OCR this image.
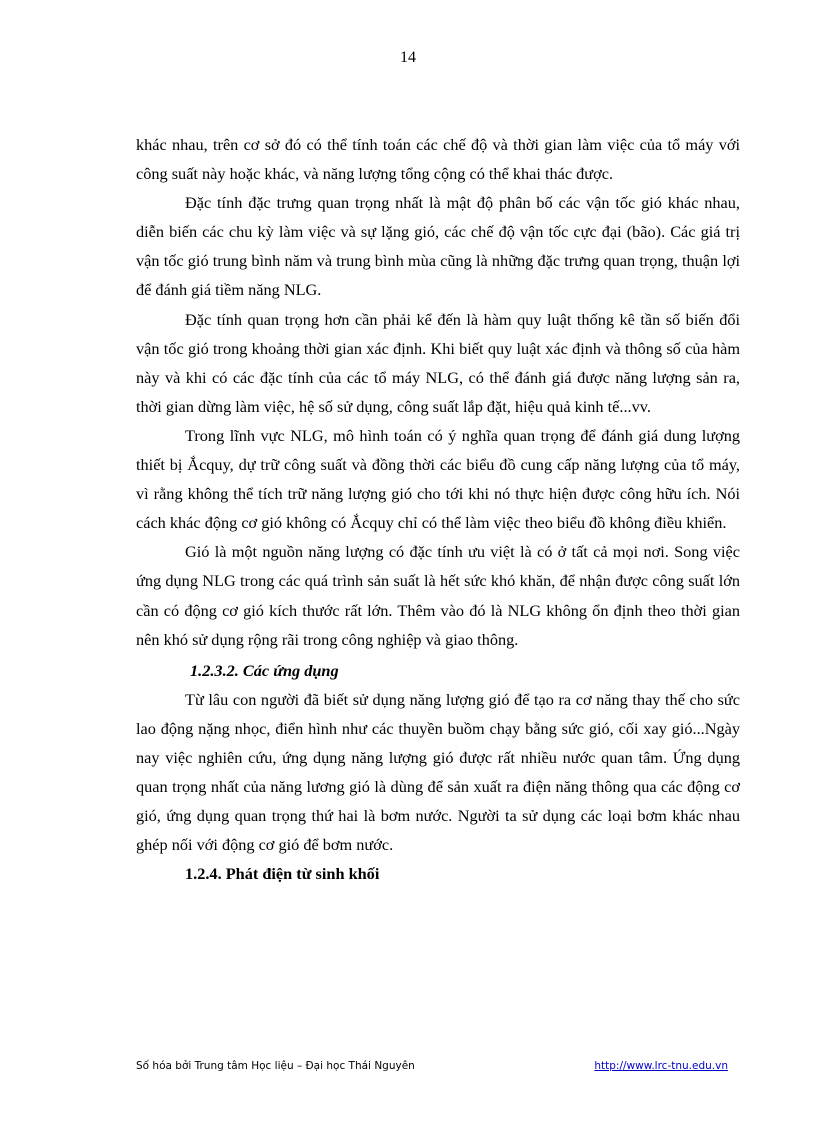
14

khác nhau, trên cơ sở đó có thể tính toán các chế độ và thời gian làm việc của tổ máy với công suất này hoặc khác, và năng lượng tổng cộng có thể khai thác được.

Đặc tính đặc trưng quan trọng nhất là mật độ phân bố các vận tốc gió khác nhau, diễn biến các chu kỳ làm việc và sự lặng gió, các chế độ vận tốc cực đại (bão). Các giá trị vận tốc gió trung bình năm và trung bình mùa cũng là những đặc trưng quan trọng, thuận lợi để đánh giá tiềm năng NLG.

Đặc tính quan trọng hơn cần phải kể đến là hàm quy luật thống kê tần số biến đổi vận tốc gió trong khoảng thời gian xác định. Khi biết quy luật xác định và thông số của hàm này và khi có các đặc tính của các tổ máy NLG, có thể đánh giá được năng lượng sản ra, thời gian dừng làm việc, hệ số sử dụng, công suất lắp đặt, hiệu quả kinh tế...vv.

Trong lĩnh vực NLG, mô hình toán có ý nghĩa quan trọng để đánh giá dung lượng thiết bị Ắcquy, dự trữ công suất và đồng thời các biểu đồ cung cấp năng lượng của tổ máy, vì rằng không thể tích trữ năng lượng gió cho tới khi nó thực hiện được công hữu ích. Nói cách khác động cơ gió không có Ắcquy chỉ có thể làm việc theo biểu đồ không điều khiển.

Gió là một nguồn năng lượng có đặc tính ưu việt là có ở tất cả mọi nơi. Song việc ứng dụng NLG trong các quá trình sản suất là hết sức khó khăn, để nhận được công suất lớn cần có động cơ gió kích thước rất lớn. Thêm vào đó là NLG không ổn định theo thời gian nên khó sử dụng rộng rãi trong công nghiệp và giao thông.

1.2.3.2. Các ứng dụng

Từ lâu con người đã biết sử dụng năng lượng gió để tạo ra cơ năng thay thế cho sức lao động nặng nhọc, điển hình như các thuyền buồm chạy bằng sức gió, cối xay gió...Ngày nay việc nghiên cứu, ứng dụng năng lượng gió được rất nhiều nước quan tâm. Ứng dụng quan trọng nhất của năng lương gió là dùng để sản xuất ra điện năng thông qua các động cơ gió, ứng dụng quan trọng thứ hai là bơm nước. Người ta sử dụng các loại bơm khác nhau ghép nối với động cơ gió để bơm nước.

1.2.4. Phát điện từ sinh khối
Số hóa bởi Trung tâm Học liệu – Đại học Thái Nguyên	http://www.lrc-tnu.edu.vn
